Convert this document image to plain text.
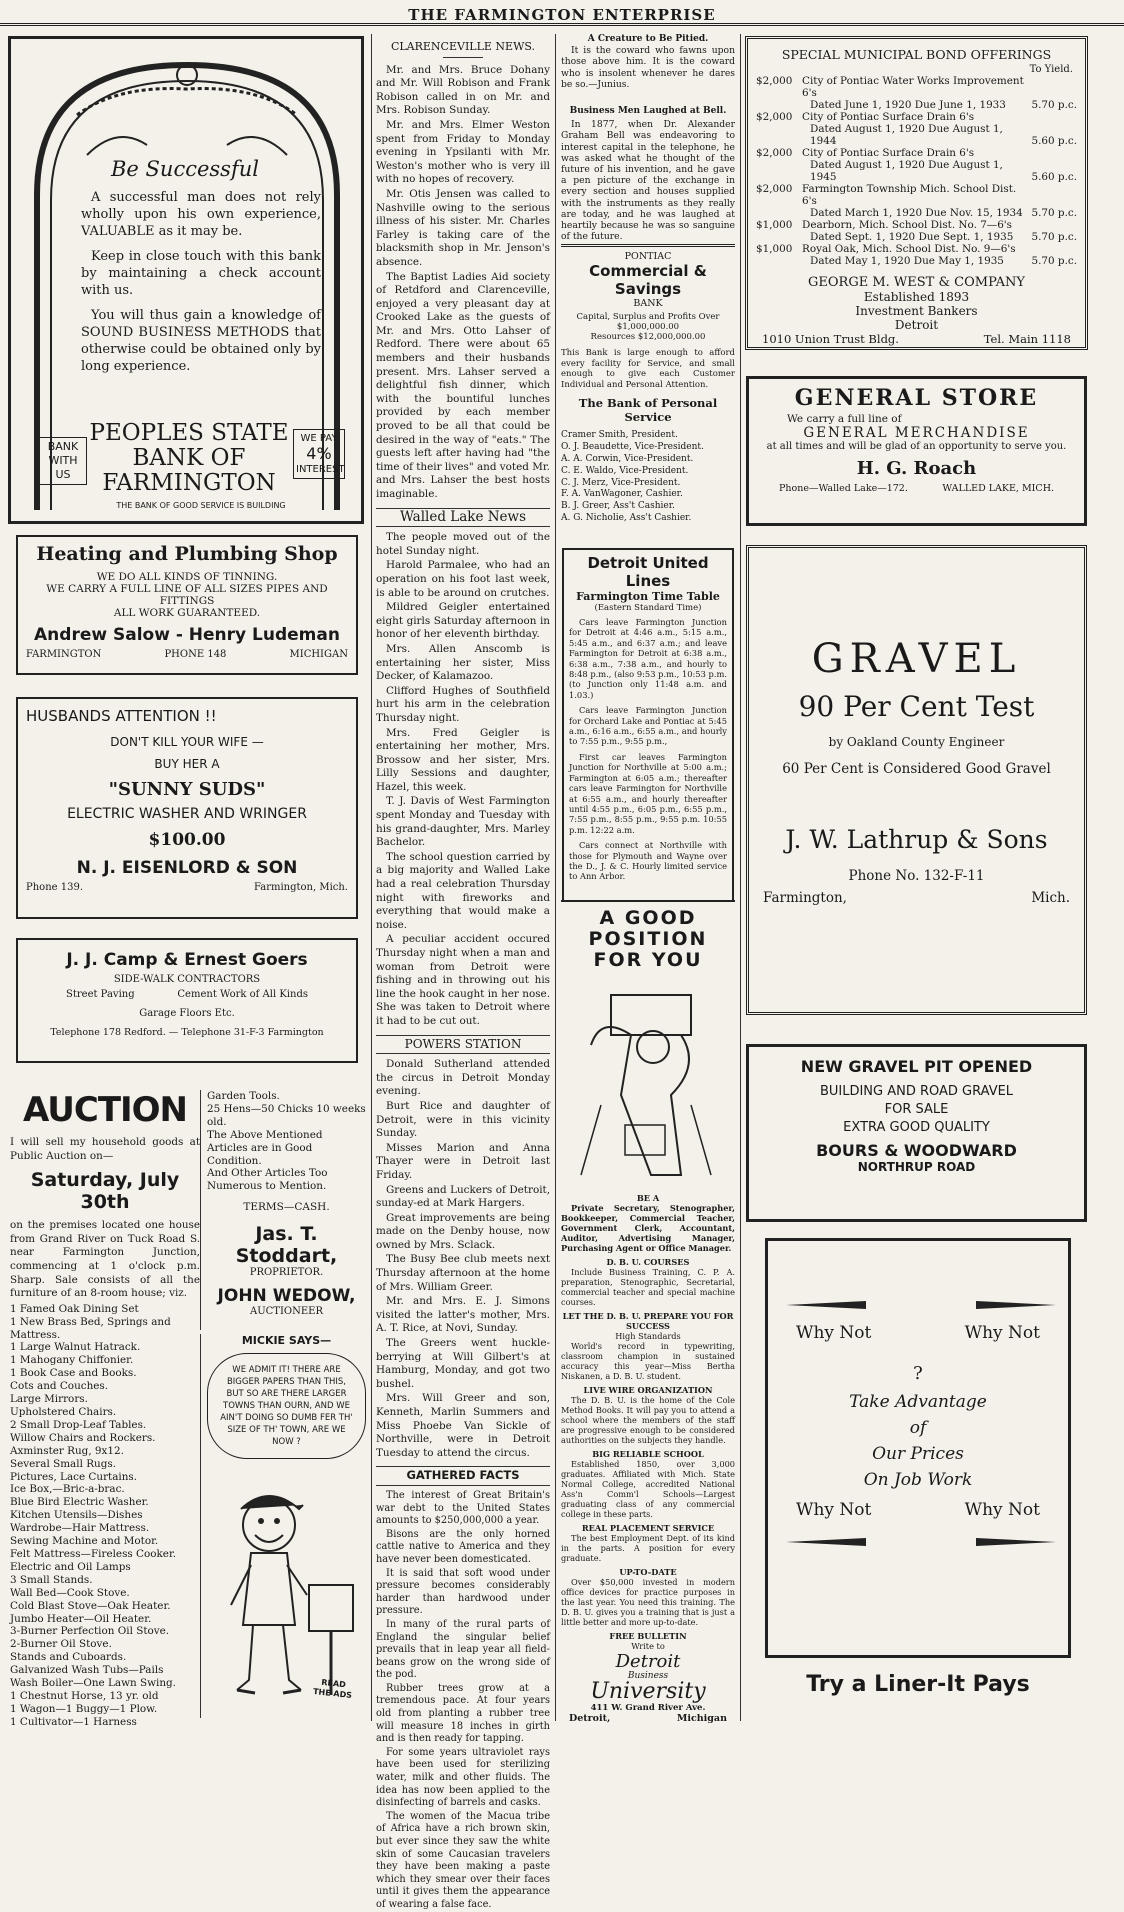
THE FARMINGTON ENTERPRISE
Be Successful

A successful man does not rely wholly upon his own experience, VALUABLE as it may be.

Keep in close touch with this bank by maintaining a check account with us.

You will thus gain a knowledge of SOUND BUSINESS METHODS that otherwise could be obtained only by long experience.

BANK
WITH
US
PEOPLES STATE
BANK OF
FARMINGTON
WE PAY
4%
INTEREST
THE BANK OF GOOD SERVICE IS BUILDING
Heating and Plumbing Shop
WE DO ALL KINDS OF TINNING.
WE CARRY A FULL LINE OF ALL SIZES PIPES AND FITTINGS
ALL WORK GUARANTEED.
Andrew Salow - Henry Ludeman
FARMINGTON	PHONE 148	MICHIGAN
HUSBANDS ATTENTION !!
DON'T KILL YOUR WIFE —
BUY HER A
"SUNNY SUDS"
ELECTRIC WASHER AND WRINGER
$100.00
N. J. EISENLORD & SON
Phone 139.	Farmington, Mich.
J. J. Camp & Ernest Goers
SIDE-WALK CONTRACTORS
Street Paving	Cement Work of All Kinds
Garage Floors Etc.
Telephone 178 Redford. — Telephone 31-F-3 Farmington
AUCTION
I will sell my household goods at Public Auction on—
Saturday, July 30th
on the premises located one house from Grand River on Tuck Road S. near Farmington Junction, commencing at 1 o'clock p.m. Sharp. Sale consists of all the furniture of an 8-room house; viz.
1 Famed Oak Dining Set
1 New Brass Bed, Springs and Mattress.
1 Large Walnut Hatrack.
1 Mahogany Chiffonier.
1 Book Case and Books.
Cots and Couches.
Large Mirrors.
Upholstered Chairs.
2 Small Drop-Leaf Tables.
Willow Chairs and Rockers.
Axminster Rug, 9x12.
Several Small Rugs.
Pictures, Lace Curtains.
Ice Box,—Bric-a-brac.
Blue Bird Electric Washer.
Kitchen Utensils—Dishes
Wardrobe—Hair Mattress.
Sewing Machine and Motor.
Felt Mattress—Fireless Cooker.
Electric and Oil Lamps
3 Small Stands.
Wall Bed—Cook Stove.
Cold Blast Stove—Oak Heater.
Jumbo Heater—Oil Heater.
3-Burner Perfection Oil Stove.
2-Burner Oil Stove.
Stands and Cuboards.
Galvanized Wash Tubs—Pails
Wash Boiler—One Lawn Swing.
1 Chestnut Horse, 13 yr. old
1 Wagon—1 Buggy—1 Plow.
1 Cultivator—1 Harness
Garden Tools.
25 Hens—50 Chicks 10 weeks old.
The Above Mentioned Articles are in Good Condition.
And Other Articles Too Numerous to Mention.
TERMS—CASH.
Jas. T. Stoddart,
PROPRIETOR.
JOHN WEDOW,
AUCTIONEER
MICKIE SAYS—
WE ADMIT IT! THERE ARE BIGGER PAPERS THAN THIS, BUT SO ARE THERE LARGER TOWNS THAN OURN, AND WE AIN'T DOING SO DUMB FER TH' SIZE OF TH' TOWN, ARE WE NOW ?
READ THE ADS
CLARENCEVILLE NEWS.

Mr. and Mrs. Bruce Dohany and Mr. Will Robison and Frank Robison called in on Mr. and Mrs. Robison Sunday.

Mr. and Mrs. Elmer Weston spent from Friday to Monday evening in Ypsilanti with Mr. Weston's mother who is very ill with no hopes of recovery.

Mr. Otis Jensen was called to Nashville owing to the serious illness of his sister. Mr. Charles Farley is taking care of the blacksmith shop in Mr. Jenson's absence.

The Baptist Ladies Aid society of Retdford and Clarenceville, enjoyed a very pleasant day at Crooked Lake as the guests of Mr. and Mrs. Otto Lahser of Redford. There were about 65 members and their husbands present. Mrs. Lahser served a delightful fish dinner, which with the bountiful lunches provided by each member proved to be all that could be desired in the way of "eats." The guests left after having had "the time of their lives" and voted Mr. and Mrs. Lahser the best hosts imaginable.

Walled Lake News

The people moved out of the hotel Sunday night.

Harold Parmalee, who had an operation on his foot last week, is able to be around on crutches.

Mildred Geigler entertained eight girls Saturday afternoon in honor of her eleventh birthday.

Mrs. Allen Anscomb is entertaining her sister, Miss Decker, of Kalamazoo.

Clifford Hughes of Southfield hurt his arm in the celebration Thursday night.

Mrs. Fred Geigler is entertaining her mother, Mrs. Brossow and her sister, Mrs. Lilly Sessions and daughter, Hazel, this week.

T. J. Davis of West Farmington spent Monday and Tuesday with his grand-daughter, Mrs. Marley Bachelor.

The school question carried by a big majority and Walled Lake had a real celebration Thursday night with fireworks and everything that would make a noise.

A peculiar accident occured Thursday night when a man and woman from Detroit were fishing and in throwing out his line the hook caught in her nose. She was taken to Detroit where it had to be cut out.

POWERS STATION

Donald Sutherland attended the circus in Detroit Monday evening.

Burt Rice and daughter of Detroit, were in this vicinity Sunday.

Misses Marion and Anna Thayer were in Detroit last Friday.

Greens and Luckers of Detroit, sunday-ed at Mark Hargers.

Great improvements are being made on the Denby house, now owned by Mrs. Sclack.

The Busy Bee club meets next Thursday afternoon at the home of Mrs. William Greer.

Mr. and Mrs. E. J. Simons visited the latter's mother, Mrs. A. T. Rice, at Novi, Sunday.

The Greers went huckle-berrying at Will Gilbert's at Hamburg, Monday, and got two bushel.

Mrs. Will Greer and son, Kenneth, Marlin Summers and Miss Phoebe Van Sickle of Northville, were in Detroit Tuesday to attend the circus.

GATHERED FACTS

The interest of Great Britain's war debt to the United States amounts to $250,000,000 a year.

Bisons are the only horned cattle native to America and they have never been domesticated.

It is said that soft wood under pressure becomes considerably harder than hardwood under pressure.

In many of the rural parts of England the singular belief prevails that in leap year all field-beans grow on the wrong side of the pod.

Rubber trees grow at a tremendous pace. At four years old from planting a rubber tree will measure 18 inches in girth and is then ready for tapping.

For some years ultraviolet rays have been used for sterilizing water, milk and other fluids. The idea has now been applied to the disinfecting of barrels and casks.

The women of the Macua tribe of Africa have a rich brown skin, but ever since they saw the white skin of some Caucasian travelers they have been making a paste which they smear over their faces until it gives them the appearance of wearing a false face.

A Creature to Be Pitied.

It is the coward who fawns upon those above him. It is the coward who is insolent whenever he dares be so.—Junius.

Business Men Laughed at Bell.

In 1877, when Dr. Alexander Graham Bell was endeavoring to interest capital in the telephone, he was asked what he thought of the future of his invention, and he gave a pen picture of the exchange in every section and houses supplied with the instruments as they really are today, and he was laughed at heartily because he was so sanguine of the future.

PONTIAC
Commercial & Savings
BANK
Capital, Surplus and Profits Over
$1,000,000.00
Resources $12,000,000.00
This Bank is large enough to afford every facility for Service, and small enough to give each Customer Individual and Personal Attention.
The Bank of Personal Service
Cramer Smith, President.
O. J. Beaudette, Vice-President.
A. A. Corwin, Vice-President.
C. E. Waldo, Vice-President.
C. J. Merz, Vice-President.
F. A. VanWagoner, Cashier.
B. J. Greer, Ass't Cashier.
A. G. Nicholie, Ass't Cashier.
Detroit United Lines
Farmington Time Table
(Eastern Standard Time)

Cars leave Farmington Junction for Detroit at 4:46 a.m., 5:15 a.m., 5:45 a.m., and 6:37 a.m.; and leave Farmington for Detroit at 6:38 a.m., 6:38 a.m., 7:38 a.m., and hourly to 8:48 p.m., (also 9:53 p.m., 10:53 p.m. (to Junction only 11:48 a.m. and 1.03.)

Cars leave Farmington Junction for Orchard Lake and Pontiac at 5:45 a.m., 6:16 a.m., 6:55 a.m., and hourly to 7:55 p.m., 9:55 p.m.,

First car leaves Farmington Junction for Northville at 5:00 a.m.; Farmington at 6:05 a.m.; thereafter cars leave Farmington for Northville at 6:55 a.m., and hourly thereafter until 4:55 p.m., 6:05 p.m., 6:55 p.m., 7:55 p.m., 8:55 p.m., 9:55 p.m. 10:55 p.m. 12:22 a.m.

Cars connect at Northville with those for Plymouth and Wayne over the D., J. & C. Hourly limited service to Ann Arbor.

A GOOD
POSITION
FOR YOU
BE A

Private Secretary, Stenographer, Bookkeeper, Commercial Teacher, Government Clerk, Accountant, Auditor, Advertising Manager, Purchasing Agent or Office Manager.

D. B. U. COURSES

Include Business Training, C. P. A. preparation, Stenographic, Secretarial, commercial teacher and special machine courses.

LET THE D. B. U. PREPARE YOU FOR SUCCESS
High Standards

World's record in typewriting, classroom champion in sustained accuracy this year—Miss Bertha Niskanen, a D. B. U. student.

LIVE WIRE ORGANIZATION

The D. B. U. is the home of the Cole Method Books. It will pay you to attend a school where the members of the staff are progressive enough to be considered authorities on the subjects they handle.

BIG RELIABLE SCHOOL

Established 1850, over 3,000 graduates. Affiliated with Mich. State Normal College, accredited National Ass'n Comm'l Schools—Largest graduating class of any commercial college in these parts.

REAL PLACEMENT SERVICE

The best Employment Dept. of its kind in the parts. A position for every graduate.

UP-TO-DATE

Over $50,000 invested in modern office devices for practice purposes in the last year. You need this training. The D. B. U. gives you a training that is just a little better and more up-to-date.

FREE BULLETIN
Write to
Detroit
Business
University
411 W. Grand River Ave.
Detroit,	Michigan
SPECIAL MUNICIPAL BOND OFFERINGS
To Yield.
$2,000	City of Pontiac Water Works Improvement 6's
Dated June 1, 1920 Due June 1, 1933	5.70 p.c.
$2,000	City of Pontiac Surface Drain 6's
Dated August 1, 1920 Due August 1, 1944	5.60 p.c.
$2,000	City of Pontiac Surface Drain 6's
Dated August 1, 1920 Due August 1, 1945	5.60 p.c.
$2,000	Farmington Township Mich. School Dist. 6's
Dated March 1, 1920 Due Nov. 15, 1934	5.70 p.c.
$1,000	Dearborn, Mich. School Dist. No. 7—6's
Dated Sept. 1, 1920 Due Sept. 1, 1935	5.70 p.c.
$1,000	Royal Oak, Mich. School Dist. No. 9—6's
Dated May 1, 1920 Due May 1, 1935	5.70 p.c.
GEORGE M. WEST & COMPANY
Established 1893
Investment Bankers
Detroit
1010 Union Trust Bldg.	Tel. Main 1118
GENERAL STORE
We carry a full line of
GENERAL MERCHANDISE
at all times and will be glad of an opportunity to serve you.
H. G. Roach
Phone—Walled Lake—172.	WALLED LAKE, MICH.
GRAVEL
90 Per Cent Test
by Oakland County Engineer
60 Per Cent is Considered Good Gravel
J. W. Lathrup & Sons
Phone No. 132-F-11
Farmington,	Mich.
NEW GRAVEL PIT OPENED
BUILDING AND ROAD GRAVEL
FOR SALE
EXTRA GOOD QUALITY
BOURS & WOODWARD
NORTHRUP ROAD
Why Not	Why Not
?
Take Advantage
of
Our Prices
On Job Work
Why Not	Why Not
Try a Liner-It Pays
